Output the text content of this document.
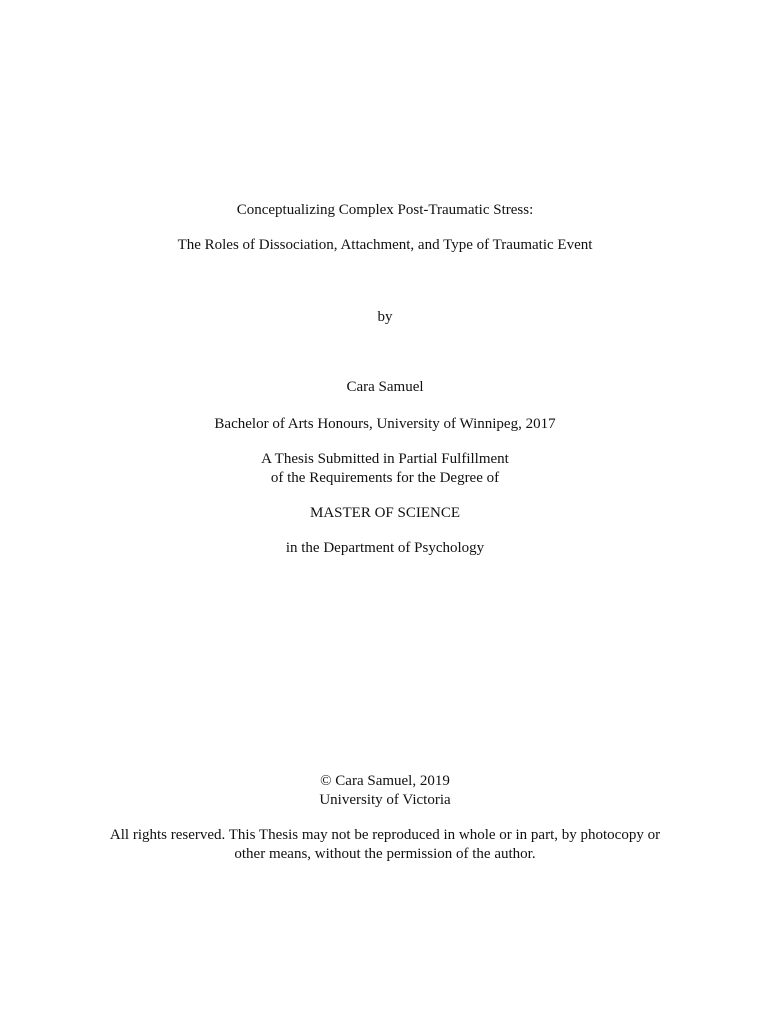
Conceptualizing Complex Post-Traumatic Stress:
The Roles of Dissociation, Attachment, and Type of Traumatic Event
by
Cara Samuel
Bachelor of Arts Honours, University of Winnipeg, 2017
A Thesis Submitted in Partial Fulfillment
of the Requirements for the Degree of
MASTER OF SCIENCE
in the Department of Psychology
© Cara Samuel, 2019
University of Victoria
All rights reserved. This Thesis may not be reproduced in whole or in part, by photocopy or
other means, without the permission of the author.
